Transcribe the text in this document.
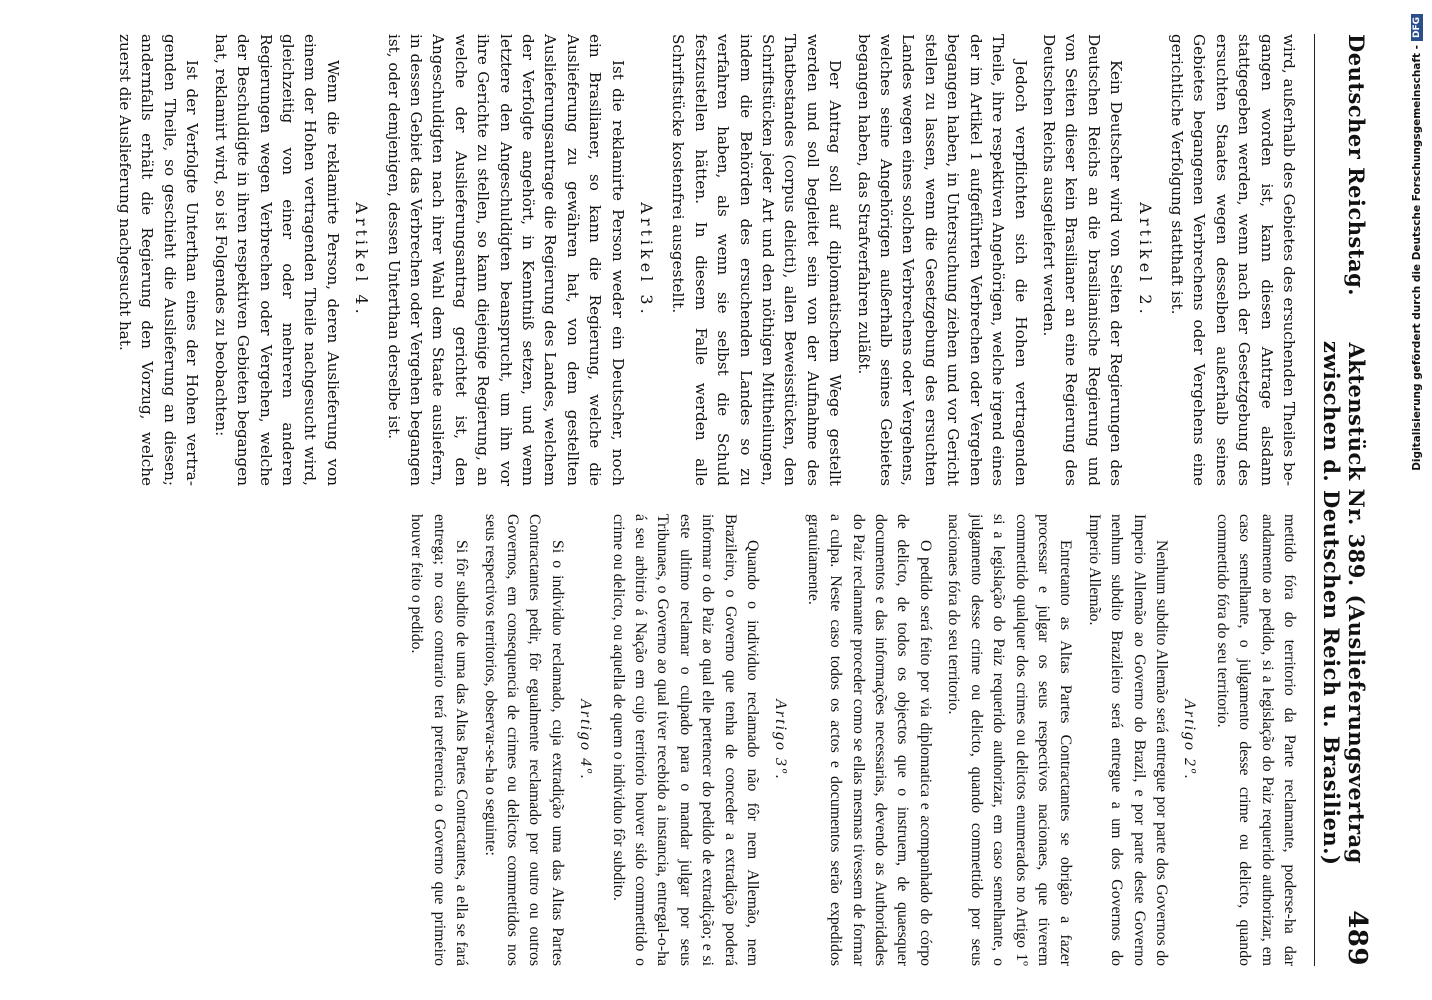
Deutscher Reichstag.
Aktenstück Nr. 389. (Auslieferungsvertrag zwischen d. Deutschen Reich u. Brasilien.)
489

wird, außerhalb des Gebietes des ersuchenden Theiles begangen worden ist, kann diesen Antrage alsdann stattgegeben werden, wenn nach der Gesetzgebung des ersuchten Staates wegen desselben außerhalb seines Gebietes begangenen Verbrechens oder Vergehens eine gerichtliche Verfolgung statthaft ist.

Artikel 2.

Kein Deutscher wird von Seiten der Regierungen des Deutschen Reichs an die brasilianische Regierung und von Seiten dieser kein Brasilianer an eine Regierung des Deutschen Reichs ausgeliefert werden.

Jedoch verpflichten sich die Hohen vertragenden Theile, ihre respektiven Angehörigen, welche irgend eines der im Artikel 1 aufgeführten Verbrechen oder Vergehen begangen haben, in Untersuchung ziehen und vor Gericht stellen zu lassen, wenn die Gesetzgebung des ersuchten Landes wegen eines solchen Verbrechens oder Vergehens, welches seine Angehörigen außerhalb seines Gebietes begangen haben, das Strafverfahren zuläßt.

Der Antrag soll auf diplomatischem Wege gestellt werden und soll begleitet sein von der Aufnahme des Thatbestandes (corpus delicti), allen Beweisstücken, den Schriftstücken jeder Art und den nöthigen Mittheilungen, indem die Behörden des ersuchenden Landes so zu verfahren haben, als wenn sie selbst die Schuld festzustellen hätten. In diesem Falle werden alle Schriftstücke kostenfrei ausgestellt.

Artikel 3.

Ist die reklamirte Person weder ein Deutscher, noch ein Brasilianer, so kann die Regierung, welche die Auslieferung zu gewähren hat, von dem gestellten Auslieferungsantrage die Regierung des Landes, welchem der Verfolgte angehört, in Kenntniß setzen, und wenn letztere den Angeschuldigten beansprucht, um ihn vor ihre Gerichte zu stellen, so kann diejenige Regierung, an welche der Auslieferungsantrag gerichtet ist, den Angeschuldigten nach ihrer Wahl dem Staate ausliefern, in dessen Gebiet das Verbrechen oder Vergehen begangen ist, oder demjenigen, dessen Unterthan derselbe ist.

Artikel 4.

Wenn die reklamirte Person, deren Auslieferung von einem der Hohen vertragenden Theile nachgesucht wird, gleichzeitig von einer oder mehreren anderen Regierungen wegen Verbrechen oder Vergehen, welche der Beschuldigte in ihren respektiven Gebieten begangen hat, reklamirt wird, so ist Folgendes zu beobachten:

Ist der Verfolgte Unterthan eines der Hohen vertragenden Theile, so geschieht die Auslieferung an diesen; andernfalls erhält die Regierung den Vorzug, welche zuerst die Auslieferung nachgesucht hat.

mettido fóra do territorio da Parte reclamante, poderse-ha dar andamento ao pedido, si a legislação do Paiz requerido authorizar, em caso semelhante, o julgamento desse crime ou delicto, quando commettido fóra do seu territorio.

Artigo 2º.

Nenhum subdito Allemão será entregue por parte dos Governos do Imperio Allemão ao Governo do Brazil, e por parte deste Governo nenhum subdito Brazileiro será entregue a um dos Governos do Imperio Allemão.

Entretanto as Altas Partes Contractantes se obrigão a fazer processar e julgar os seus respectivos nacionaes, que tiverem commettido qualquer dos crimes ou delictos enumerados no Artigo 1º si a legislação do Paiz requerido authorizar, em caso semelhante, o julgamento desse crime ou delicto, quando commettido por seus nacionaes fóra do seu territorio.

O pedido será feito por via diplomatica e acompanhado do córpo de delicto, de todos os objectos que o instruem, de quaesquer documentos e das informações necessarias, devendo as Authoridades do Paiz reclamante proceder como se ellas mesmas tivessem de formar a culpa. Neste caso todos os actos e documentos serão expedidos gratuitamente.

Artigo 3º.

Quando o individuo reclamado não fôr nem Allemão, nem Brazileiro, o Governo que tenha de conceder a extradição poderá informar o do Paiz ao qual elle pertencer do pedido de extradição; e si este ultimo reclamar o culpado para o mandar julgar por seus Tribunaes, o Governo ao qual tiver recebido a instancia, entregal-o-ha á seu arbitrio á Nação em cujo territorio houver sido commettido o crime ou delicto, ou aquella de quem o individuo fôr subdito.

Artigo 4º.

Si o individuo reclamado, cuja extradição uma das Altas Partes Contractantes pedir, fôr egualmente reclamado por outro ou outros Governos, em consequencia de crimes ou delictos commettidos nos seus respectivos territorios, observar-se-ha o seguinte:

Si fôr subdito de uma das Altas Partes Contractantes, a ella se fará entrega; no caso contrario terá preferencia o Governo que primeiro houver feito o pedido.

Digitalisierung gefördert durch die Deutsche Forschungsgemeinschaft -
DFG
